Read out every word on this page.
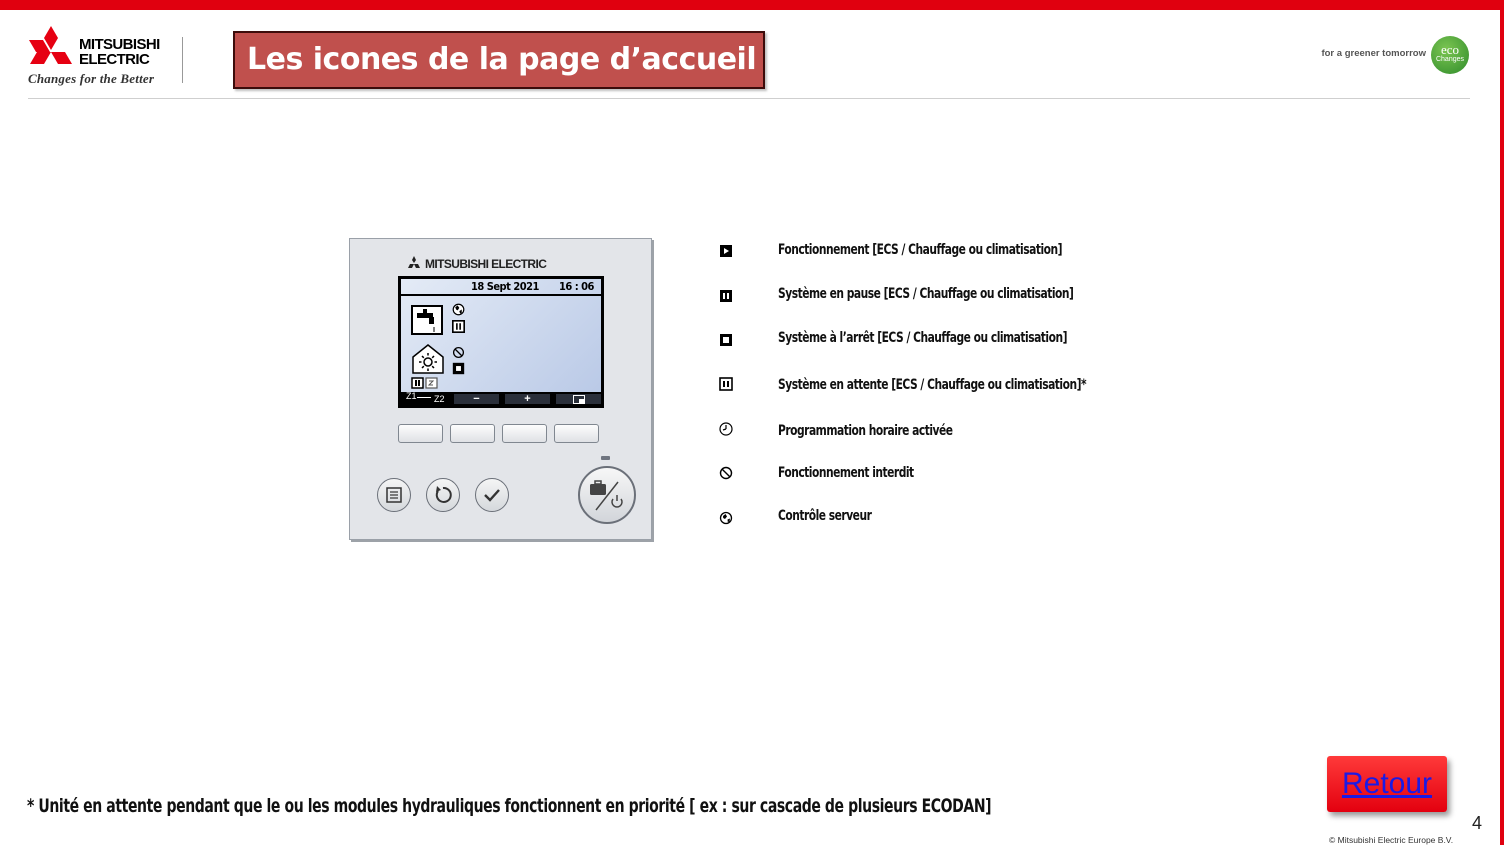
MITSUBISHI
ELECTRIC
Changes for the Better
Les icones de la page d’accueil	for a greener tomorrow	eco
Changes
MITSUBISHI ELECTRIC
18 Sept 2021 16 : 06
Z1 Z2	−	+
Fonctionnement [ECS / Chauffage ou climatisation]
Système en pause [ECS / Chauffage ou climatisation]
Système à l’arrêt [ECS / Chauffage ou climatisation]
Système en attente [ECS / Chauffage ou climatisation]*
Programmation horaire activée
Fonctionnement interdit
Contrôle serveur
* Unité en attente pendant que le ou les modules hydrauliques fonctionnent en priorité [ ex : sur cascade de plusieurs ECODAN]
Retour
4
© Mitsubishi Electric Europe B.V.
